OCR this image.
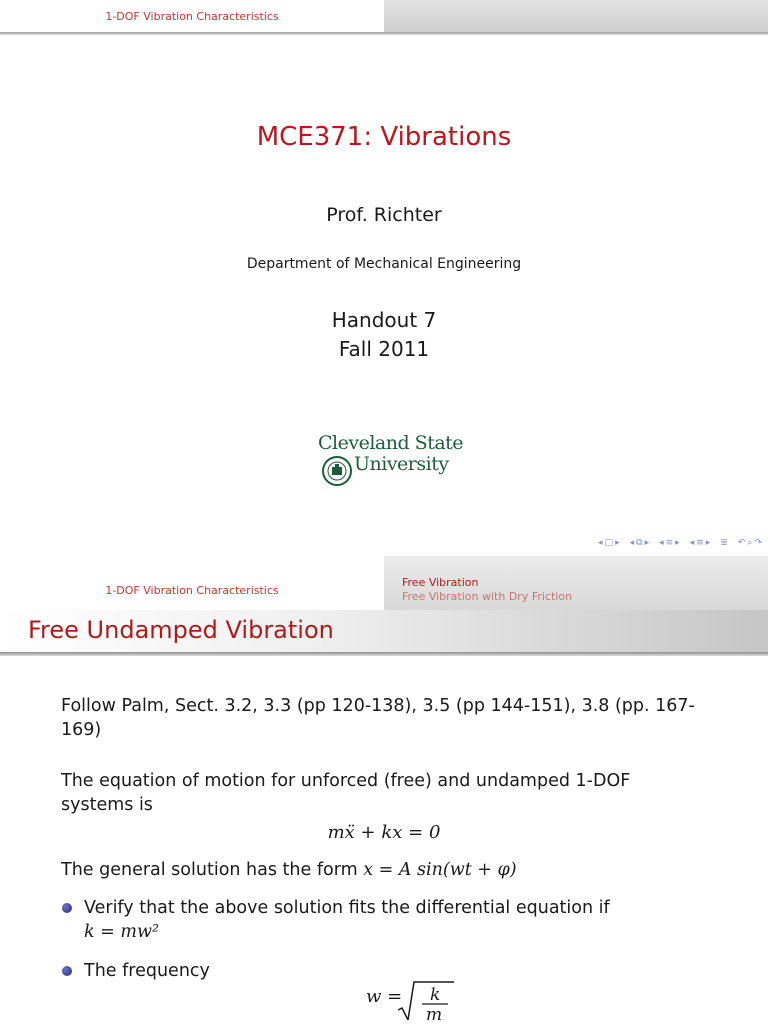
1-DOF Vibration Characteristics
MCE371: Vibrations
Prof. Richter
Department of Mechanical Engineering
Handout 7
Fall 2011
Cleveland State
University
◂ □ ▸ ◂ ⧉ ▸ ◂ ≡ ▸ ◂ ≡ ▸ ≣ ↶ ⌕ ↷
1-DOF Vibration Characteristics
Free Vibration
Free Vibration with Dry Friction
Free Undamped Vibration
Follow Palm, Sect. 3.2, 3.3 (pp 120-138), 3.5 (pp 144-151), 3.8 (pp. 167-169)
The equation of motion for unforced (free) and undamped 1-DOF systems is
mẍ + kx = 0
The general solution has the form x = A sin(wt + φ)
Verify that the above solution fits the differential equation if
k = mw²
The frequency
w = k
m
